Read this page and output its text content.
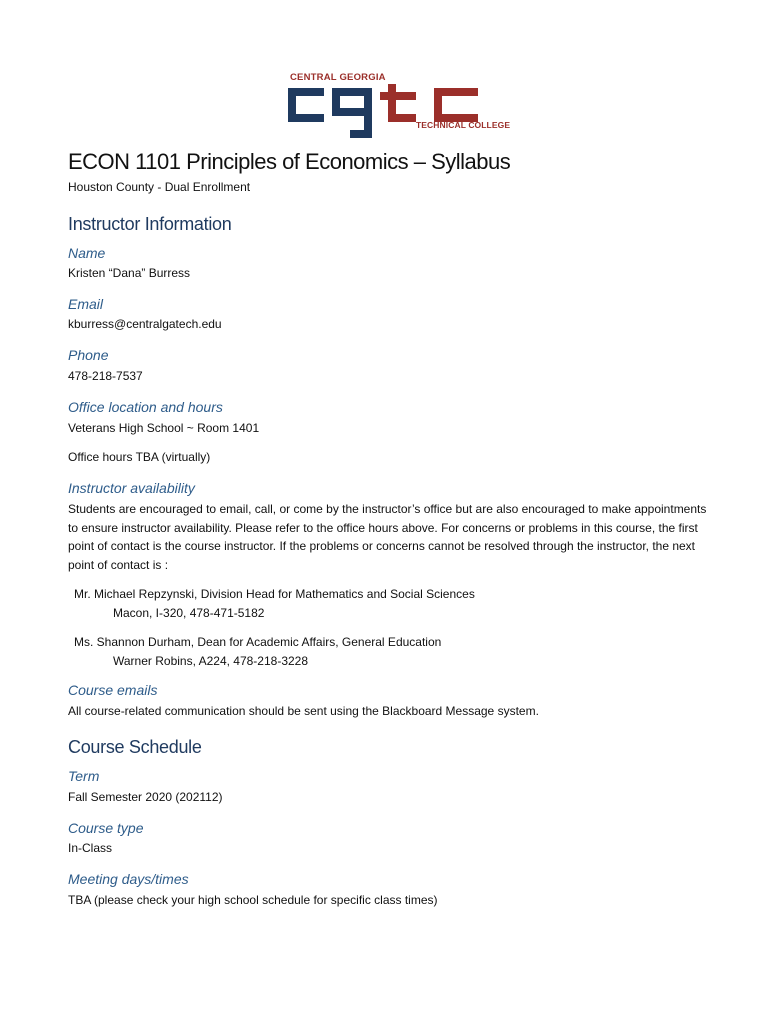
CENTRAL GEORGIA
TECHNICAL COLLEGE
ECON 1101 Principles of Economics – Syllabus

Houston County - Dual Enrollment

Instructor Information
Name

Kristen “Dana” Burress

Email

kburress@centralgatech.edu

Phone

478-218-7537

Office location and hours

Veterans High School ~ Room 1401

Office hours TBA (virtually)

Instructor availability

Students are encouraged to email, call, or come by the instructor’s office but are also encouraged to make appointments to ensure instructor availability. Please refer to the office hours above. For concerns or problems in this course, the first point of contact is the course instructor. If the problems or concerns cannot be resolved through the instructor, the next point of contact is :

Mr. Michael Repzynski, Division Head for Mathematics and Social Sciences
Macon, I-320, 478-471-5182
Ms. Shannon Durham, Dean for Academic Affairs, General Education
Warner Robins, A224, 478-218-3228
Course emails

All course-related communication should be sent using the Blackboard Message system.

Course Schedule
Term

Fall Semester 2020 (202112)

Course type

In-Class

Meeting days/times

TBA (please check your high school schedule for specific class times)
